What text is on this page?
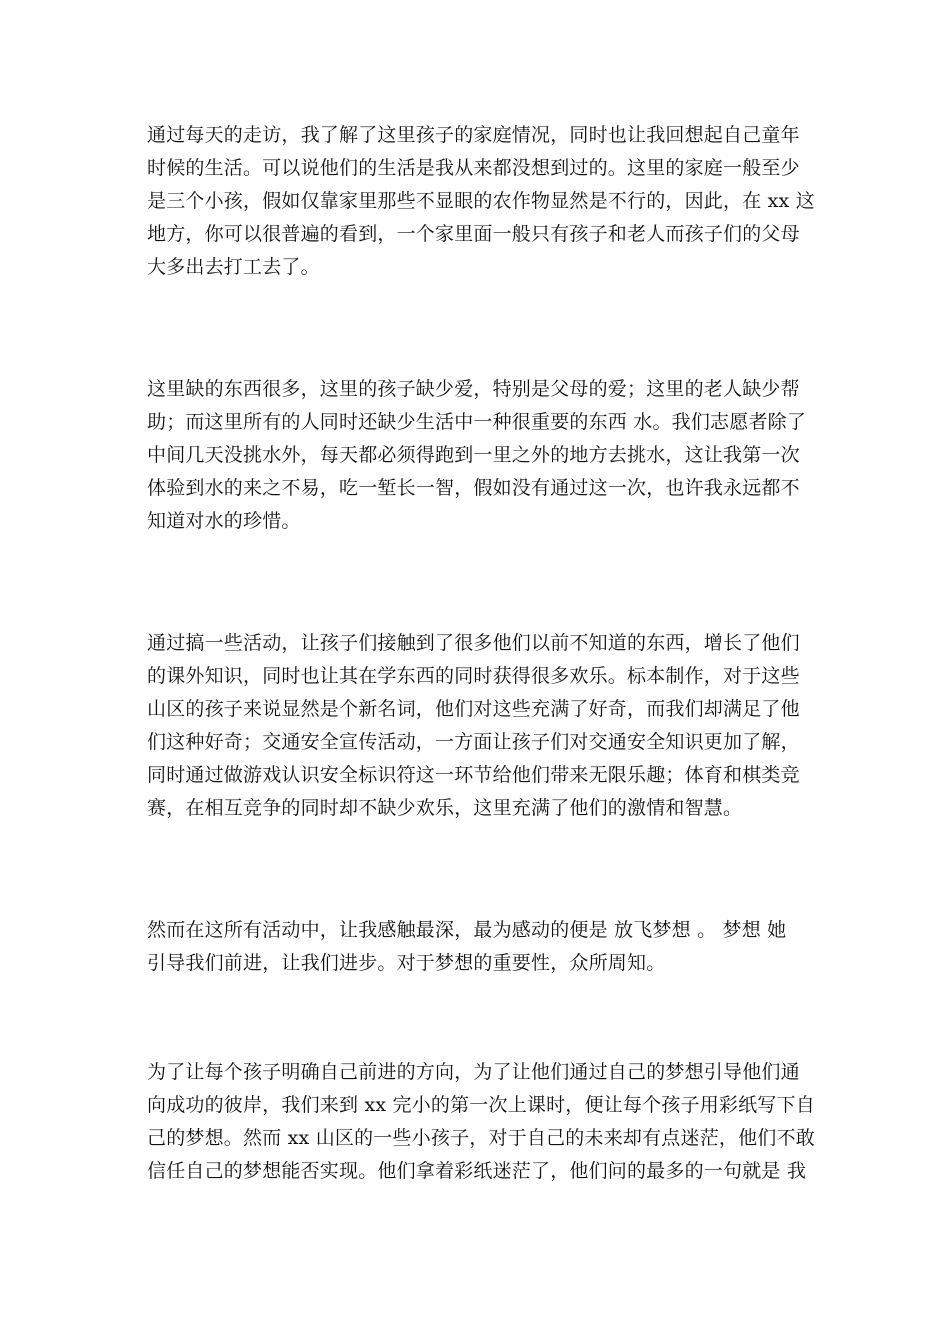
通过每天的走访，我了解了这里孩子的家庭情况，同时也让我回想起自己童年
时候的生活。可以说他们的生活是我从来都没想到过的。这里的家庭一般至少
是三个小孩，假如仅靠家里那些不显眼的农作物显然是不行的，因此，在 xx 这
地方，你可以很普遍的看到，一个家里面一般只有孩子和老人而孩子们的父母
大多出去打工去了。
这里缺的东西很多，这里的孩子缺少爱，特别是父母的爱；这里的老人缺少帮
助；而这里所有的人同时还缺少生活中一种很重要的东西 水。我们志愿者除了
中间几天没挑水外，每天都必须得跑到一里之外的地方去挑水，这让我第一次
体验到水的来之不易，吃一堑长一智，假如没有通过这一次，也许我永远都不
知道对水的珍惜。
通过搞一些活动，让孩子们接触到了很多他们以前不知道的东西，增长了他们
的课外知识，同时也让其在学东西的同时获得很多欢乐。标本制作，对于这些
山区的孩子来说显然是个新名词，他们对这些充满了好奇，而我们却满足了他
们这种好奇；交通安全宣传活动，一方面让孩子们对交通安全知识更加了解，
同时通过做游戏认识安全标识符这一环节给他们带来无限乐趣；体育和棋类竞
赛，在相互竞争的同时却不缺少欢乐，这里充满了他们的激情和智慧。
然而在这所有活动中，让我感触最深，最为感动的便是 放飞梦想 。 梦想 她
引导我们前进，让我们进步。对于梦想的重要性，众所周知。
为了让每个孩子明确自己前进的方向，为了让他们通过自己的梦想引导他们通
向成功的彼岸，我们来到 xx 完小的第一次上课时，便让每个孩子用彩纸写下自
己的梦想。然而 xx 山区的一些小孩子，对于自己的未来却有点迷茫，他们不敢
信任自己的梦想能否实现。他们拿着彩纸迷茫了，他们问的最多的一句就是 我
